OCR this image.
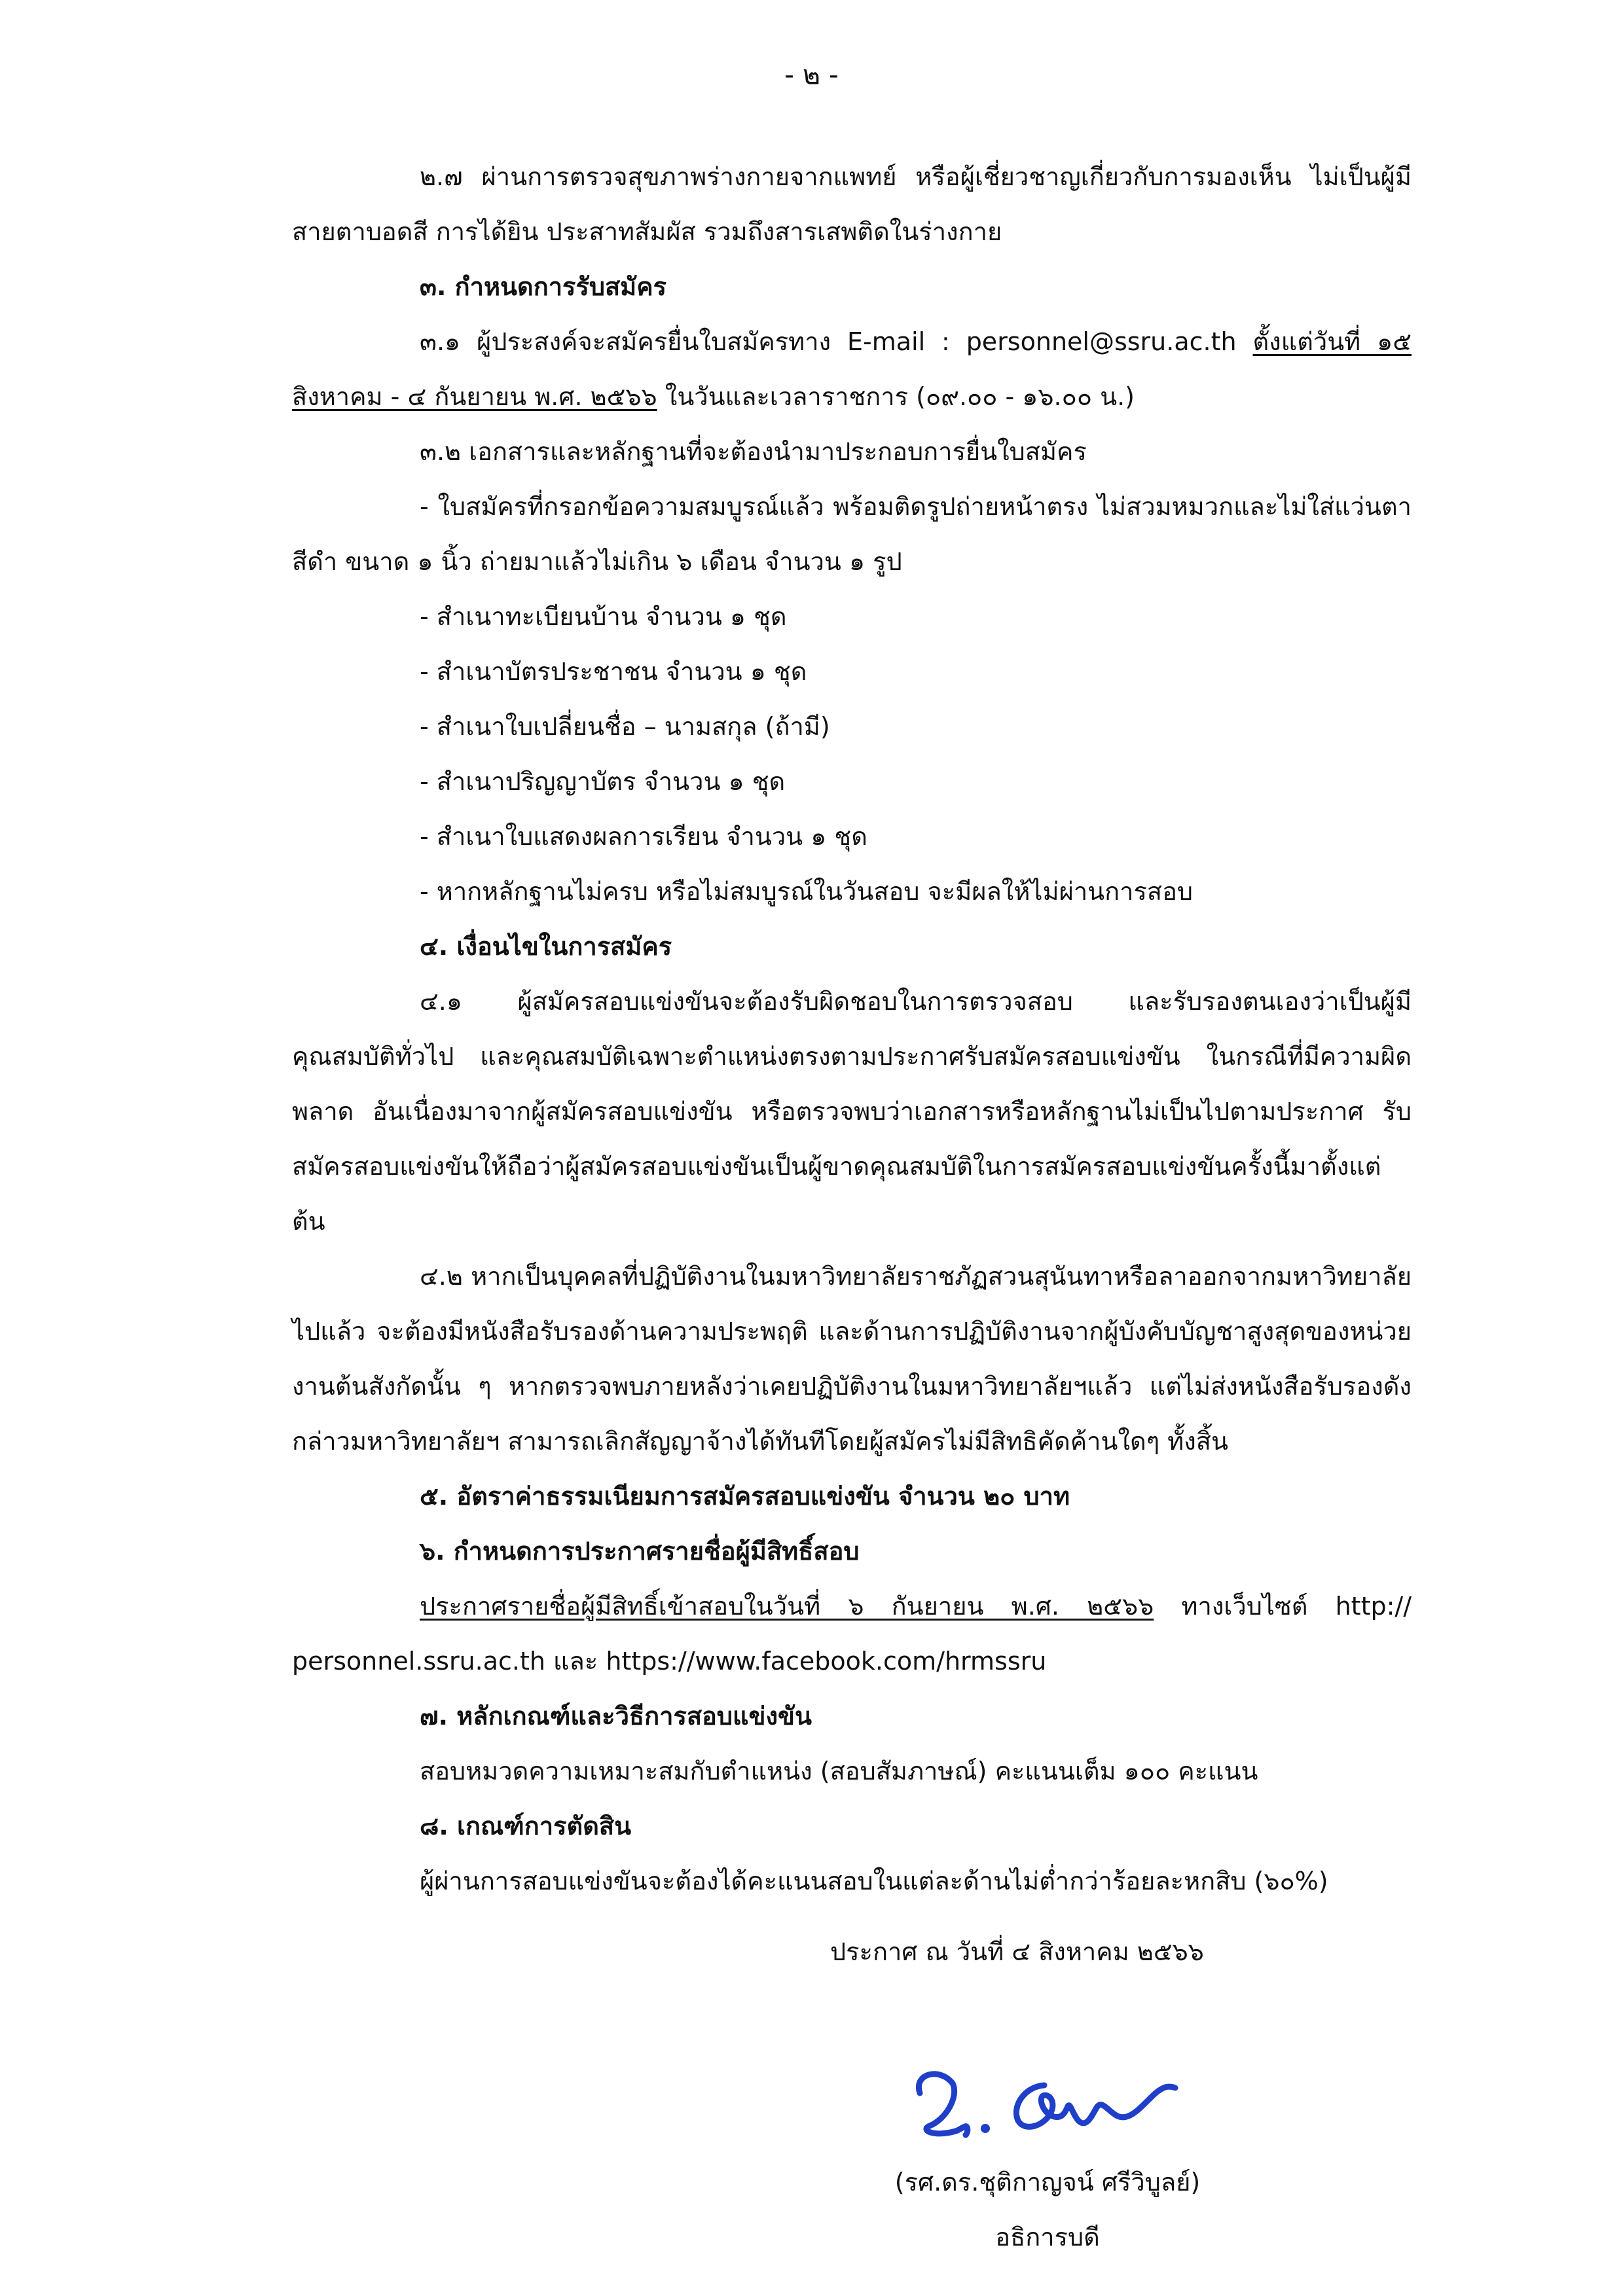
- ๒ -

๒.๗ ผ่านการตรวจสุขภาพร่างกายจากแพทย์ หรือผู้เชี่ยวชาญเกี่ยวกับการมองเห็น ไม่เป็นผู้มีสายตาบอดสี การได้ยิน ประสาทสัมผัส รวมถึงสารเสพติดในร่างกาย

๓. กำหนดการรับสมัคร

๓.๑ ผู้ประสงค์จะสมัครยื่นใบสมัครทาง E-mail : personnel@ssru.ac.th ตั้งแต่วันที่ ๑๕ สิงหาคม - ๔ กันยายน พ.ศ. ๒๕๖๖ ในวันและเวลาราชการ (๐๙.๐๐ - ๑๖.๐๐ น.)

๓.๒ เอกสารและหลักฐานที่จะต้องนำมาประกอบการยื่นใบสมัคร

- ใบสมัครที่กรอกข้อความสมบูรณ์แล้ว พร้อมติดรูปถ่ายหน้าตรง ไม่สวมหมวกและไม่ใส่แว่นตาสีดำ ขนาด ๑ นิ้ว ถ่ายมาแล้วไม่เกิน ๖ เดือน จำนวน ๑ รูป

- สำเนาทะเบียนบ้าน จำนวน ๑ ชุด

- สำเนาบัตรประชาชน จำนวน ๑ ชุด

- สำเนาใบเปลี่ยนชื่อ – นามสกุล (ถ้ามี)

- สำเนาปริญญาบัตร จำนวน ๑ ชุด

- สำเนาใบแสดงผลการเรียน จำนวน ๑ ชุด

- หากหลักฐานไม่ครบ หรือไม่สมบูรณ์ในวันสอบ จะมีผลให้ไม่ผ่านการสอบ

๔. เงื่อนไขในการสมัคร

๔.๑ ผู้สมัครสอบแข่งขันจะต้องรับผิดชอบในการตรวจสอบ และรับรองตนเองว่าเป็นผู้มีคุณสมบัติทั่วไป และคุณสมบัติเฉพาะตำแหน่งตรงตามประกาศรับสมัครสอบแข่งขัน ในกรณีที่มีความผิดพลาด อันเนื่องมาจากผู้สมัครสอบแข่งขัน หรือตรวจพบว่าเอกสารหรือหลักฐานไม่เป็นไปตามประกาศ รับสมัครสอบแข่งขันให้ถือว่าผู้สมัครสอบแข่งขันเป็นผู้ขาดคุณสมบัติในการสมัครสอบแข่งขันครั้งนี้มาตั้งแต่ต้น

๔.๒ หากเป็นบุคคลที่ปฏิบัติงานในมหาวิทยาลัยราชภัฏสวนสุนันทาหรือลาออกจากมหาวิทยาลัยไปแล้ว จะต้องมีหนังสือรับรองด้านความประพฤติ และด้านการปฏิบัติงานจากผู้บังคับบัญชาสูงสุดของหน่วยงานต้นสังกัดนั้น ๆ หากตรวจพบภายหลังว่าเคยปฏิบัติงานในมหาวิทยาลัยฯแล้ว แต่ไม่ส่งหนังสือรับรองดังกล่าวมหาวิทยาลัยฯ สามารถเลิกสัญญาจ้างได้ทันทีโดยผู้สมัครไม่มีสิทธิคัดค้านใดๆ ทั้งสิ้น

๕. อัตราค่าธรรมเนียมการสมัครสอบแข่งขัน จำนวน ๒๐ บาท

๖. กำหนดการประกาศรายชื่อผู้มีสิทธิ์สอบ

ประกาศรายชื่อผู้มีสิทธิ์เข้าสอบในวันที่ ๖ กันยายน พ.ศ. ๒๕๖๖ ทางเว็บไซต์ http:// personnel.ssru.ac.th และ https://www.facebook.com/hrmssru

๗. หลักเกณฑ์และวิธีการสอบแข่งขัน

สอบหมวดความเหมาะสมกับตำแหน่ง (สอบสัมภาษณ์) คะแนนเต็ม ๑๐๐ คะแนน

๘. เกณฑ์การตัดสิน

ผู้ผ่านการสอบแข่งขันจะต้องได้คะแนนสอบในแต่ละด้านไม่ต่ำกว่าร้อยละหกสิบ (๖๐%)

ประกาศ ณ วันที่ ๔ สิงหาคม ๒๕๖๖
(รศ.ดร.ชุติกาญจน์ ศรีวิบูลย์)
อธิการบดี
